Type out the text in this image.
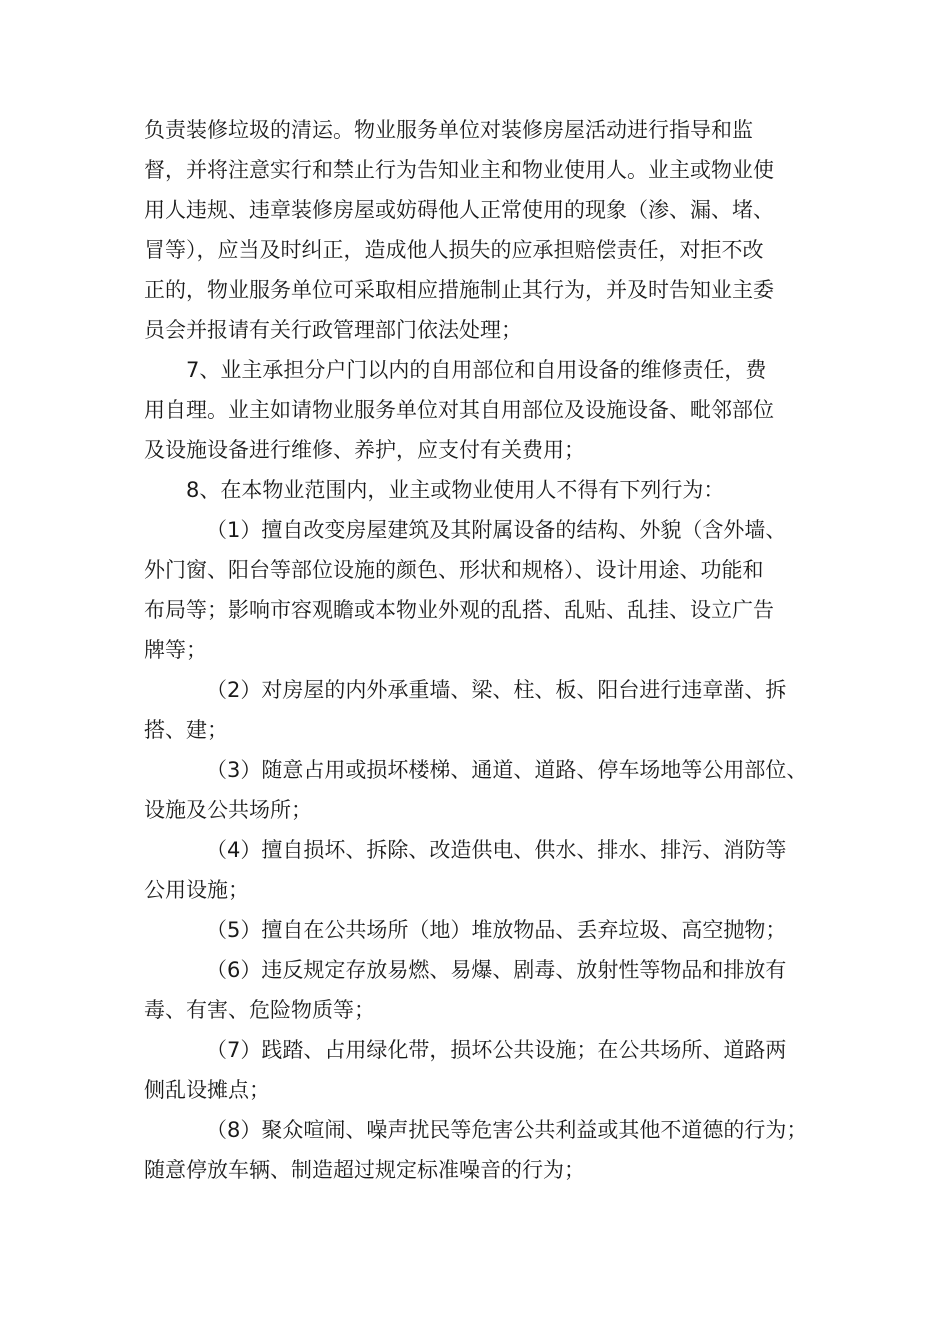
负责装修垃圾的清运。物业服务单位对装修房屋活动进行指导和监
督，并将注意实行和禁止行为告知业主和物业使用人。业主或物业使
用人违规、违章装修房屋或妨碍他人正常使用的现象（渗、漏、堵、
冒等），应当及时纠正，造成他人损失的应承担赔偿责任，对拒不改
正的，物业服务单位可采取相应措施制止其行为，并及时告知业主委
员会并报请有关行政管理部门依法处理；
7、业主承担分户门以内的自用部位和自用设备的维修责任，费
用自理。业主如请物业服务单位对其自用部位及设施设备、毗邻部位
及设施设备进行维修、养护，应支付有关费用；
8、在本物业范围内，业主或物业使用人不得有下列行为：
（1）擅自改变房屋建筑及其附属设备的结构、外貌（含外墙、
外门窗、阳台等部位设施的颜色、形状和规格）、设计用途、功能和
布局等；影响市容观瞻或本物业外观的乱搭、乱贴、乱挂、设立广告
牌等；
（2）对房屋的内外承重墙、梁、柱、板、阳台进行违章凿、拆
搭、建；
（3）随意占用或损坏楼梯、通道、道路、停车场地等公用部位、
设施及公共场所；
（4）擅自损坏、拆除、改造供电、供水、排水、排污、消防等
公用设施；
（5）擅自在公共场所（地）堆放物品、丢弃垃圾、高空抛物；
（6）违反规定存放易燃、易爆、剧毒、放射性等物品和排放有
毒、有害、危险物质等；
（7）践踏、占用绿化带，损坏公共设施；在公共场所、道路两
侧乱设摊点；
（8）聚众喧闹、噪声扰民等危害公共利益或其他不道德的行为；
随意停放车辆、制造超过规定标准噪音的行为；
